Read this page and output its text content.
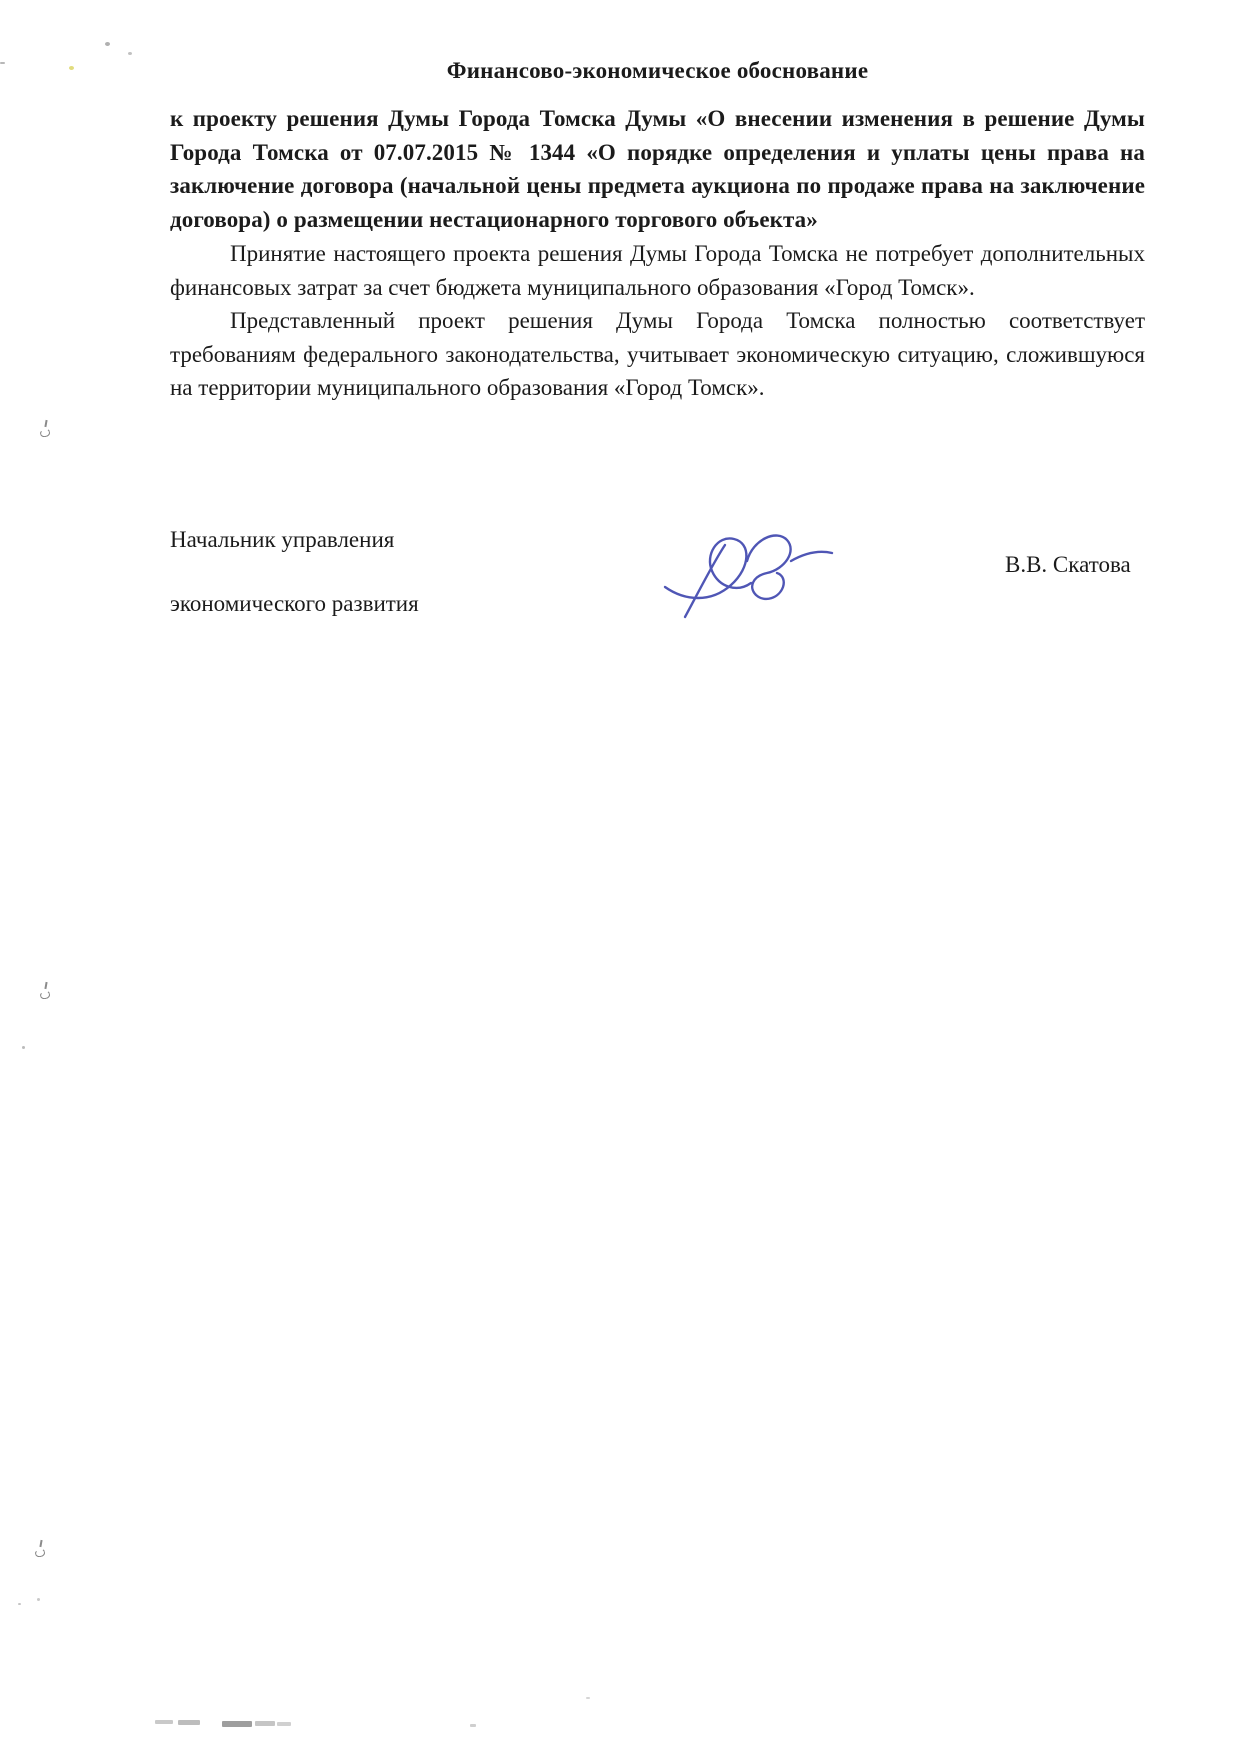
Финансово-экономическое обоснование
к проекту решения Думы Города Томска Думы «О внесении изменения в решение Думы Города Томска от 07.07.2015 № 1344 «О порядке определения и уплаты цены права на заключение договора (начальной цены предмета аукциона по продаже права на заключение договора) о размещении нестационарного торгового объекта»

Принятие настоящего проекта решения Думы Города Томска не потребует дополнительных финансовых затрат за счет бюджета муниципального образования «Город Томск».

Представленный проект решения Думы Города Томска полностью соответствует требованиям федерального законодательства, учитывает экономическую ситуацию, сложившуюся на территории муниципального образования «Город Томск».

Начальник управления

экономического развития

В.В. Скатова
